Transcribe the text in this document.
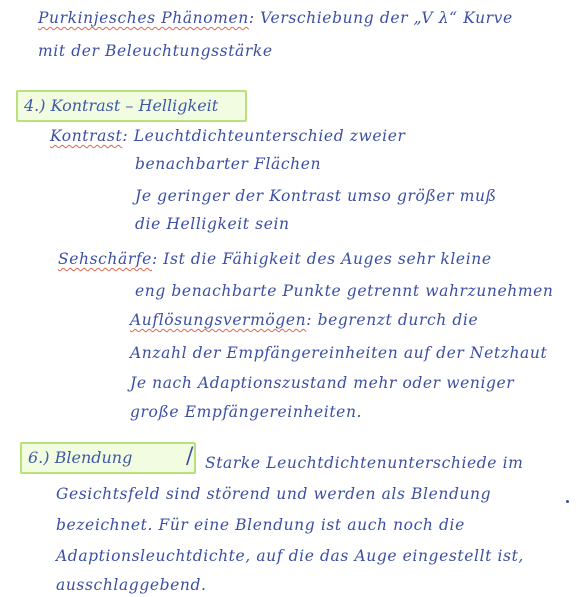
Purkinjesches Phänomen: Verschiebung der „V λ“ Kurve
mit der Beleuchtungsstärke
4.) Kontrast – Helligkeit
Kontrast: Leuchtdichteunterschied zweier
benachbarter Flächen
Je geringer der Kontrast umso größer muß
die Helligkeit sein
Sehschärfe: Ist die Fähigkeit des Auges sehr kleine
eng benachbarte Punkte getrennt wahrzunehmen
Auflösungsvermögen: begrenzt durch die
Anzahl der Empfängereinheiten auf der Netzhaut
Je nach Adaptionszustand mehr oder weniger
große Empfängereinheiten.
6.) Blendung	/ Starke Leuchtdichtenunterschiede im
Gesichtsfeld sind störend und werden als Blendung
bezeichnet. Für eine Blendung ist auch noch die
Adaptionsleuchtdichte, auf die das Auge eingestellt ist,
ausschlaggebend.
